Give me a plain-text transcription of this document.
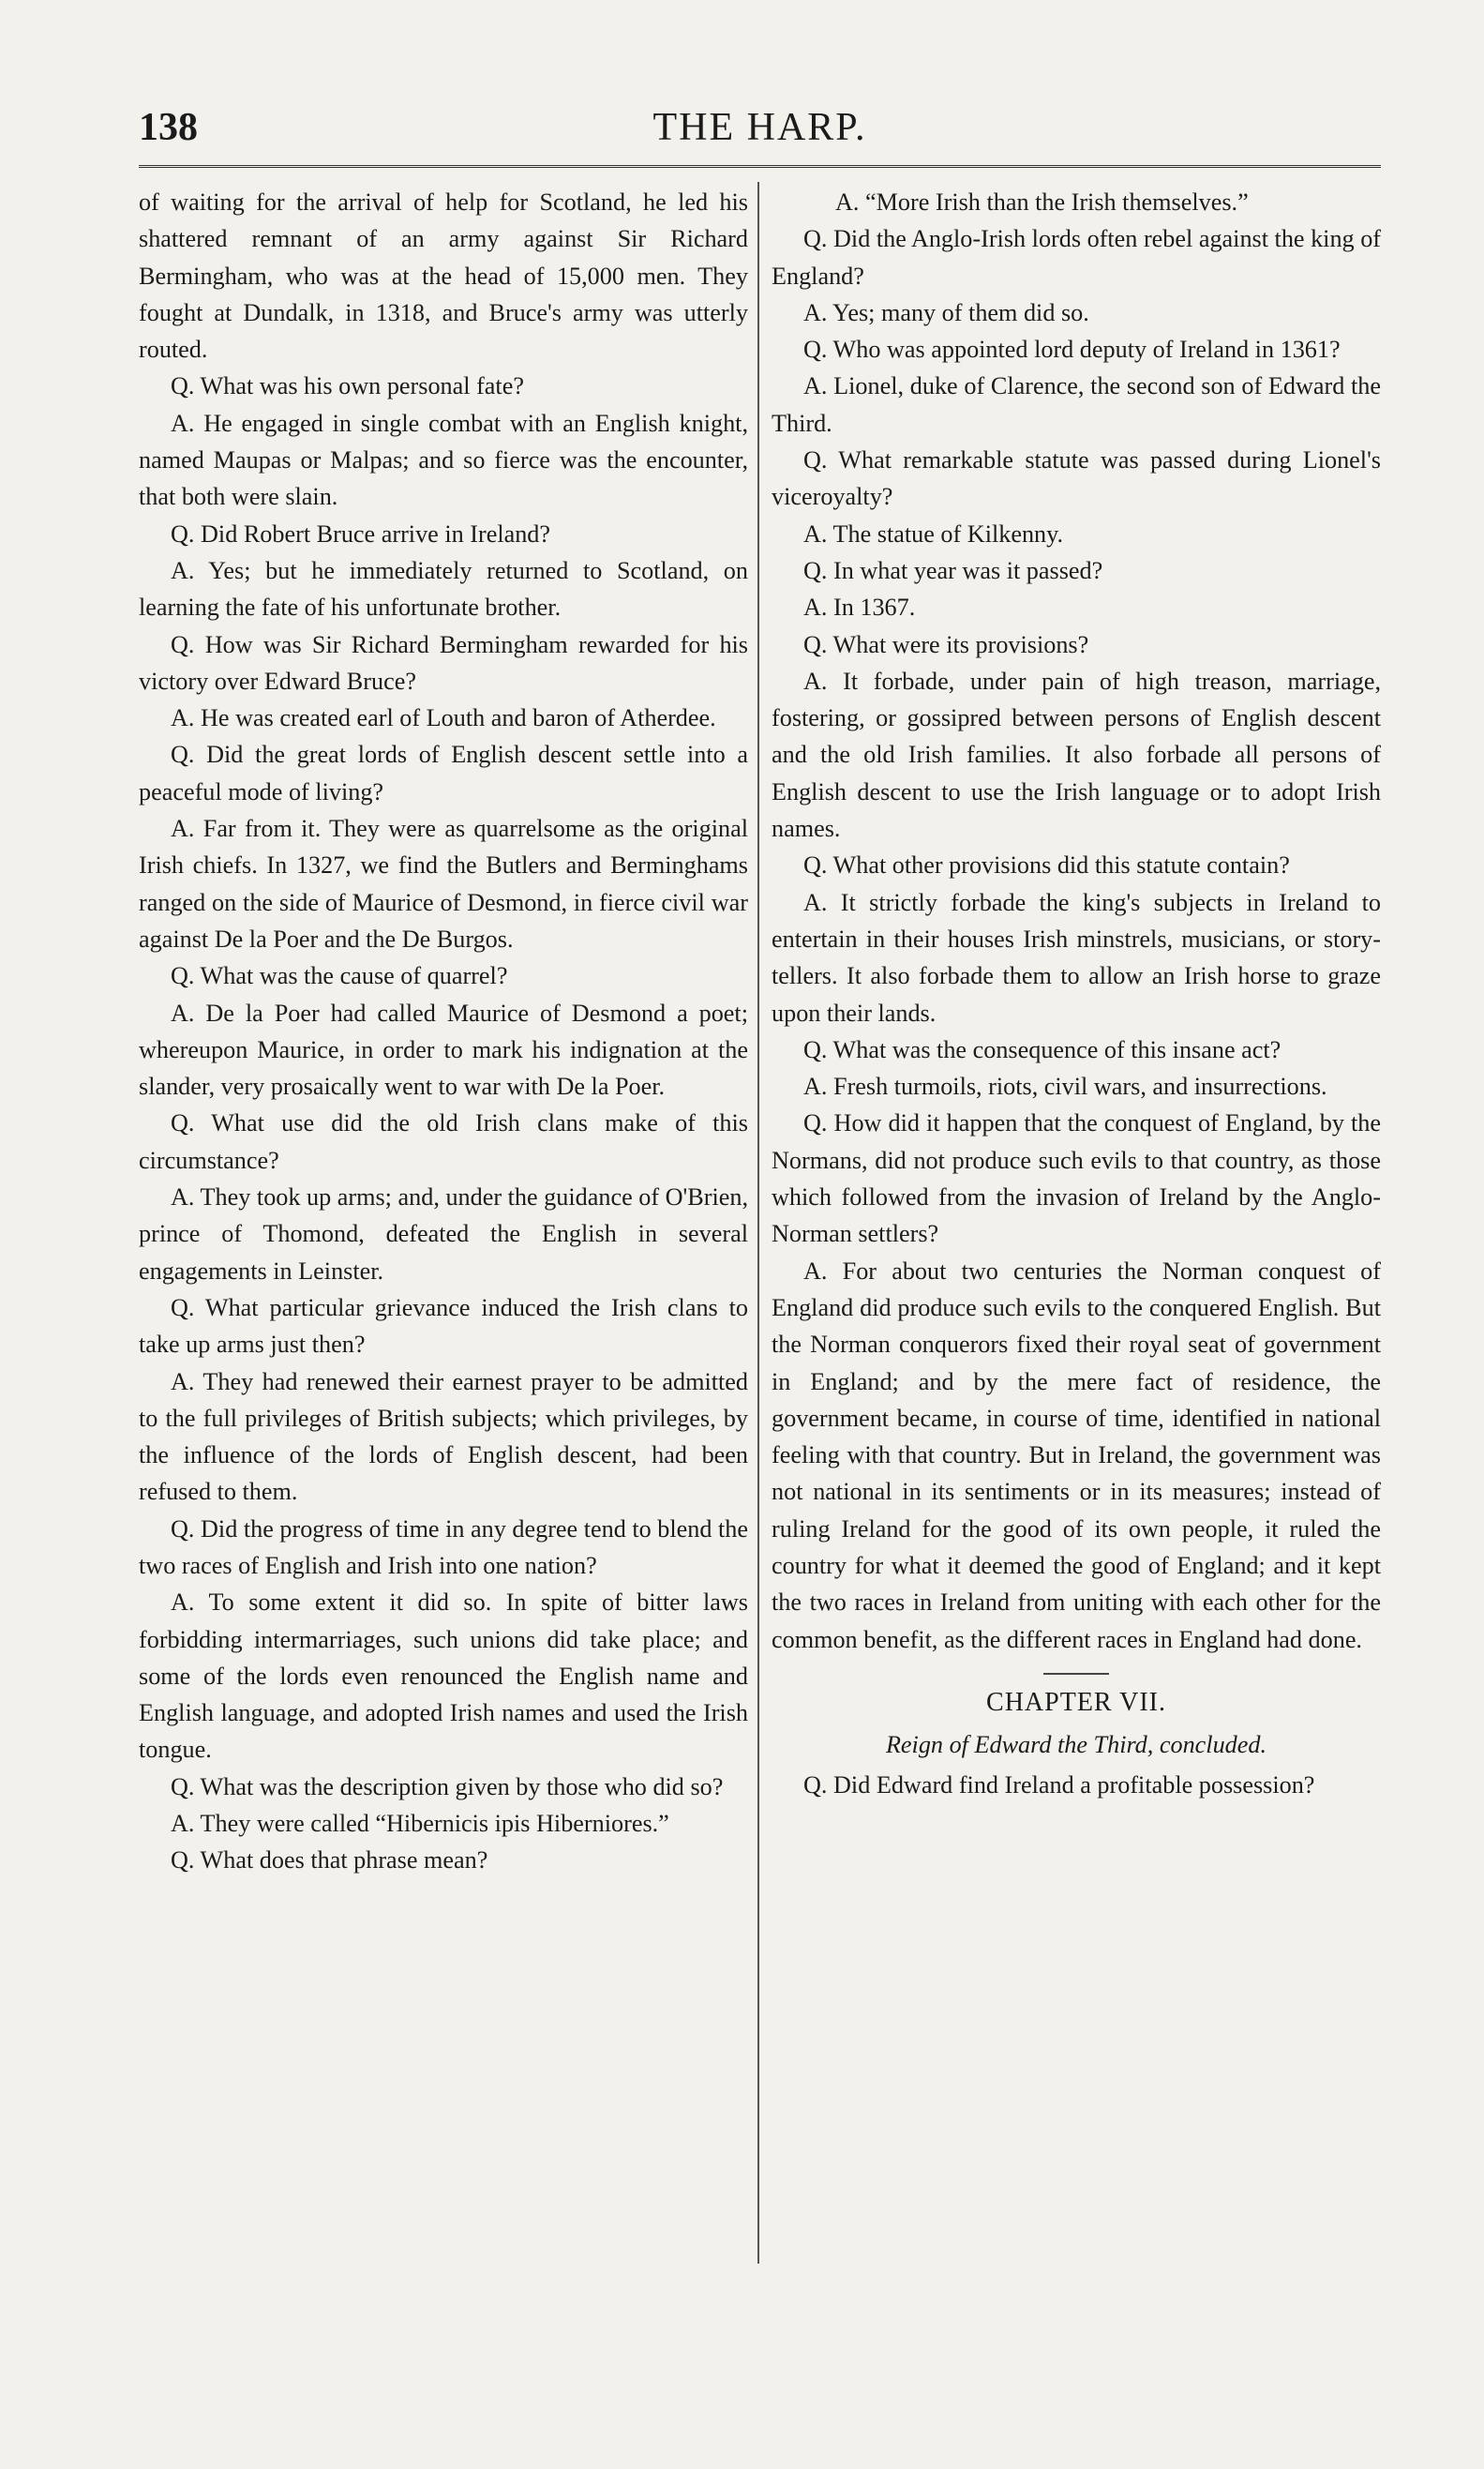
THE HARP.
138

of waiting for the arrival of help for Scotland, he led his shattered remnant of an army against Sir Richard Bermingham, who was at the head of 15,000 men. They fought at Dundalk, in 1318, and Bruce's army was utterly routed.

Q. What was his own personal fate?

A. He engaged in single combat with an English knight, named Maupas or Malpas; and so fierce was the encounter, that both were slain.

Q. Did Robert Bruce arrive in Ireland?

A. Yes; but he immediately returned to Scotland, on learning the fate of his unfortunate brother.

Q. How was Sir Richard Bermingham rewarded for his victory over Edward Bruce?

A. He was created earl of Louth and baron of Atherdee.

Q. Did the great lords of English descent settle into a peaceful mode of living?

A. Far from it. They were as quarrelsome as the original Irish chiefs. In 1327, we find the Butlers and Berminghams ranged on the side of Maurice of Desmond, in fierce civil war against De la Poer and the De Burgos.

Q. What was the cause of quarrel?

A. De la Poer had called Maurice of Desmond a poet; whereupon Maurice, in order to mark his indignation at the slander, very prosaically went to war with De la Poer.

Q. What use did the old Irish clans make of this circumstance?

A. They took up arms; and, under the guidance of O'Brien, prince of Thomond, defeated the English in several engagements in Leinster.

Q. What particular grievance induced the Irish clans to take up arms just then?

A. They had renewed their earnest prayer to be admitted to the full privileges of British subjects; which privileges, by the influence of the lords of English descent, had been refused to them.

Q. Did the progress of time in any degree tend to blend the two races of English and Irish into one nation?

A. To some extent it did so. In spite of bitter laws forbidding intermarriages, such unions did take place; and some of the lords even renounced the English name and English language, and adopted Irish names and used the Irish tongue.

Q. What was the description given by those who did so?

A. They were called “Hibernicis ipis Hiberniores.”

Q. What does that phrase mean?

A. “More Irish than the Irish themselves.”

Q. Did the Anglo-Irish lords often rebel against the king of England?

A. Yes; many of them did so.

Q. Who was appointed lord deputy of Ireland in 1361?

A. Lionel, duke of Clarence, the second son of Edward the Third.

Q. What remarkable statute was passed during Lionel's viceroyalty?

A. The statue of Kilkenny.

Q. In what year was it passed?

A. In 1367.

Q. What were its provisions?

A. It forbade, under pain of high treason, marriage, fostering, or gossipred between persons of English descent and the old Irish families. It also forbade all persons of English descent to use the Irish language or to adopt Irish names.

Q. What other provisions did this statute contain?

A. It strictly forbade the king's subjects in Ireland to entertain in their houses Irish minstrels, musicians, or story-tellers. It also forbade them to allow an Irish horse to graze upon their lands.

Q. What was the consequence of this insane act?

A. Fresh turmoils, riots, civil wars, and insurrections.

Q. How did it happen that the conquest of England, by the Normans, did not produce such evils to that country, as those which followed from the invasion of Ireland by the Anglo-Norman settlers?

A. For about two centuries the Norman conquest of England did produce such evils to the conquered English. But the Norman conquerors fixed their royal seat of government in England; and by the mere fact of residence, the government became, in course of time, identified in national feeling with that country. But in Ireland, the government was not national in its sentiments or in its measures; instead of ruling Ireland for the good of its own people, it ruled the country for what it deemed the good of England; and it kept the two races in Ireland from uniting with each other for the common benefit, as the different races in England had done.

CHAPTER VII.

Reign of Edward the Third, concluded.

Q. Did Edward find Ireland a profitable possession?
